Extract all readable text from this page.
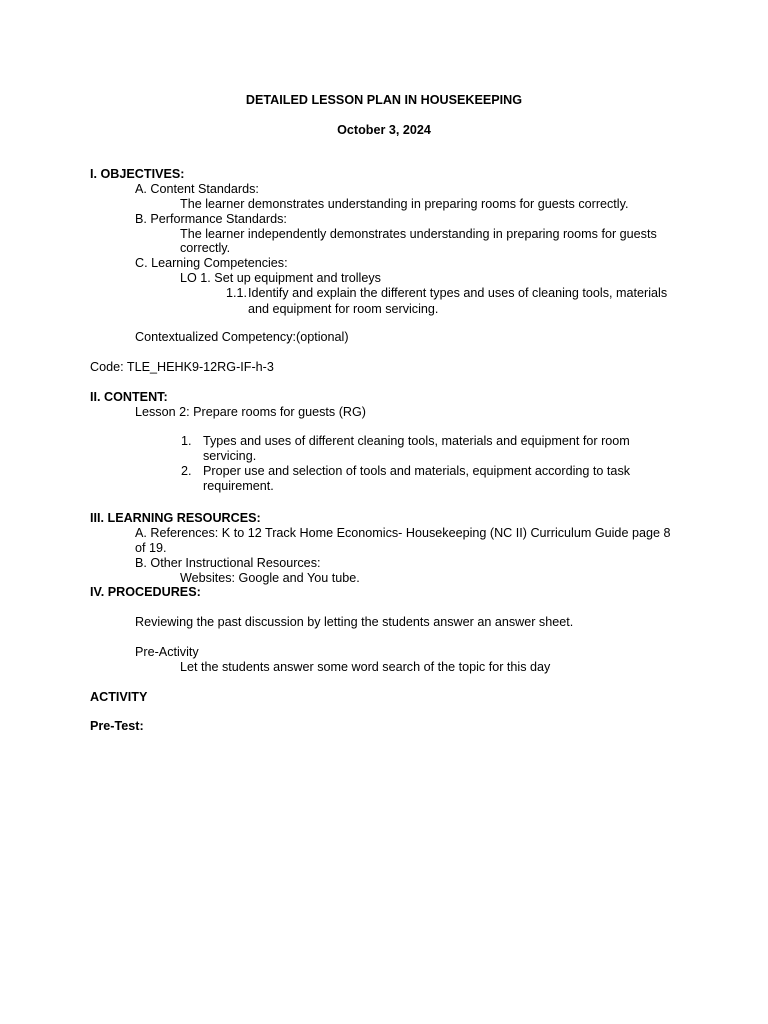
DETAILED LESSON PLAN IN HOUSEKEEPING
October 3, 2024
I. OBJECTIVES:
A. Content Standards:
The learner demonstrates understanding in preparing rooms for guests correctly.
B. Performance Standards:
The learner independently demonstrates understanding in preparing rooms for guests
correctly.
C. Learning Competencies:
LO 1. Set up equipment and trolleys
1.1. Identify and explain the different types and uses of cleaning tools, materials
and equipment for room servicing.
Contextualized Competency:(optional)
Code: TLE_HEHK9-12RG-IF-h-3
II. CONTENT:
Lesson 2: Prepare rooms for guests (RG)
1. Types and uses of different cleaning tools, materials and equipment for room
servicing.
2. Proper use and selection of tools and materials, equipment according to task
requirement.
III. LEARNING RESOURCES:
A. References: K to 12 Track Home Economics- Housekeeping (NC II) Curriculum Guide page 8
of 19.
B. Other Instructional Resources:
Websites: Google and You tube.
IV. PROCEDURES:
Reviewing the past discussion by letting the students answer an answer sheet.
Pre-Activity
Let the students answer some word search of the topic for this day
ACTIVITY
Pre-Test:
